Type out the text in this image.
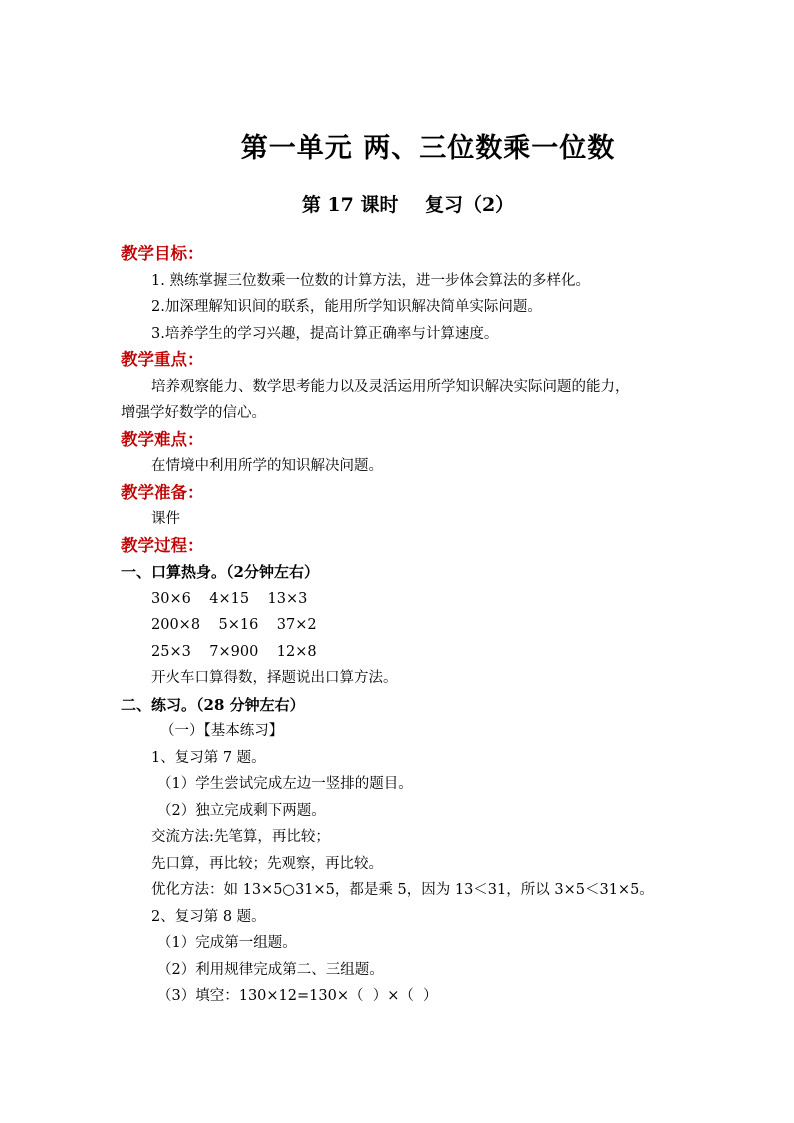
第一单元 两、三位数乘一位数
第 17 课时    复习（2）
教学目标：
1. 熟练掌握三位数乘一位数的计算方法，进一步体会算法的多样化。
2.加深理解知识间的联系，能用所学知识解决简单实际问题。
3.培养学生的学习兴趣，提高计算正确率与计算速度。
教学重点：
培养观察能力、数学思考能力以及灵活运用所学知识解决实际问题的能力，
增强学好数学的信心。
教学难点：
在情境中利用所学的知识解决问题。
教学准备：
课件
教学过程：
一、口算热身。（2分钟左右）
30×6    4×15    13×3
200×8    5×16    37×2
25×3    7×900    12×8
开火车口算得数，择题说出口算方法。
二、练习。（28 分钟左右）
（一）【基本练习】
1、复习第 7 题。
（1）学生尝试完成左边一竖排的题目。
（2）独立完成剩下两题。
交流方法:先笔算，再比较；
先口算，再比较；先观察，再比较。
优化方法：如 13×5○31×5，都是乘 5，因为 13＜31，所以 3×5＜31×5。
2、复习第 8 题。
（1）完成第一组题。
（2）利用规律完成第二、三组题。
（3）填空：130×12=130×（  ）×（  ）
